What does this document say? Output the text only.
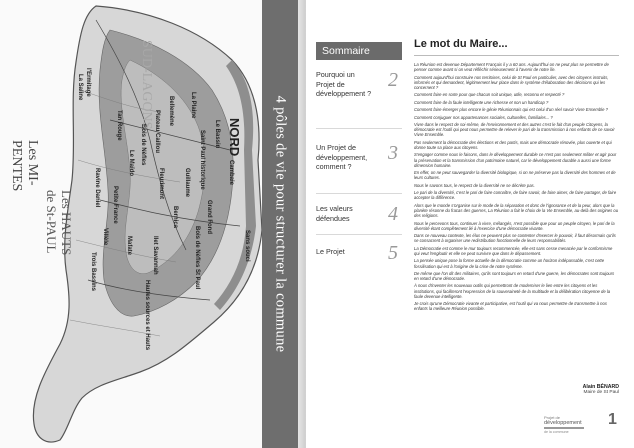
La Saline l'Ermitage
Saint Paul historique	Cambaie
Bellemène
Plateau Caillou
Bois de Nèfles
Sans souci
Tan Rouge
Ravine Daniel	Guillaume
Bernica
Le Maïdo
Petite France
Bois de Nèfles St Paul
Hautes sources et Hauts
Le Bassin
La Plaine
Fleurimont
Grand Fond
Villèle
Trois Bassins
Mafate	Ilet Savannah
SUD-LAGONS
NORD
Les MI-PENTES
Les HAUTS de St-PAUL	4 pôles de vie pour structurer la commune
Sommaire
Pourquoi un Projet de développement ?
2
Un Projet de développement, comment ?
3
Les valeurs défendues	4
Le Projet	5
Le mot du Maire...

La Réunion est devenue Département Français il y a 60 ans. Aujourd'hui on ne peut plus se permettre de penser comme avant si on veut réfléchir sérieusement à l'avenir de notre île.

Comment aujourd'hui construire nos territoires, celui de St Paul en particulier, avec des citoyens instruits, informés et qui demandent, légitimement leur place dans le système d'élaboration des décisions qui les concernent ?

Comment faire en sorte pour que chacun soit unique, utile, reconnu et respecté ?

Comment faire de la faule intelligente une richesse et non un handicap ?

Comment faire émerger plus encore le génie Réunionnais qui est celui d'un réel savoir Vivre Ensemble ?

Comment conjuguer nos appartenances sociales, culturelles, familiales... ?

Vivre dans le respect de soi-même, de l'environnement et des autres c'est le fait d'un peuple Citoyens, la démocratie est l'outil qui peut nous permettre de relever le pari de la transmission à nos enfants de ce savoir Vivre Ensemble.

Pas seulement la démocratie des élections et des partis, mais une démocratie rénovée, plus ouverte et qui donne toute sa place aux citoyens.

S'engager comme nous le faisons, dans le développement durable ce n'est pas seulement militer et agir pour la préservation et la transmission d'un patrimoine naturel, car le développement durable a aussi une forme dimension humaine.

En effet, on ne peut sauvegarder la diversité biologique, si on ne préserve pas la diversité des hommes et de leurs cultures.

Nous le savons tous, le respect de la diversité ne se décrète pas.

Le pari de la diversité, c'est le pari de faire connaître, de faire savoir, de faire aimer, de faire partager, de faire accepter la différence.

Alors que le monde s'organise sur le mode de la séparation et donc de l'ignorance et de la peur, alors que la planète résonne du fracas des guerres, La Réunion a fait le choix de la Vie Ensemble, au-delà des origines ou des religions.

Nous le percevons tous, continuer à vivre, mélangés, n'est possible que pour un peuple citoyen, le pari de la diversité étant complètement lié à l'exercice d'une démocratie vivante.

Dans ce nouveau contexte, les élus ne peuvent plus se contenter d'exercer le pouvoir, il faut désormais qu'ils se consacrent à organiser une redistribution fonctionnelle de leurs responsabilités.

La Démocratie est comme le mur toujours recommencée, elle est sans cesse menacée par le conformisme qui veut l'engloutir et elle ne peut survivre que dans le dépassement.

La pensée unique pose la forme actuelle de la démocratie comme un horizon indépassable, c'est cette fossilisation qui est à l'origine de la crise de notre système.

De même que l'on dit des militaires, qu'ils sont toujours en retard d'une guerre, les démocrates sont toujours en retard d'une démocratie.

À nous d'inventer les nouveaux outils qui permettront de moderniser le lien entre les citoyens et les institutions, qui faciliteront l'expression de la souveraineté de la multitude et la délibération citoyenne de la faule devenue intelligente.

Je crois qu'une Démocratie vivante et participative, est l'outil qui va nous permettre de transmettre à nos enfants la meilleure Réunion possible.

Alain BÉNARD
Maire de St Paul
Projet de
développement
de la commune
1
